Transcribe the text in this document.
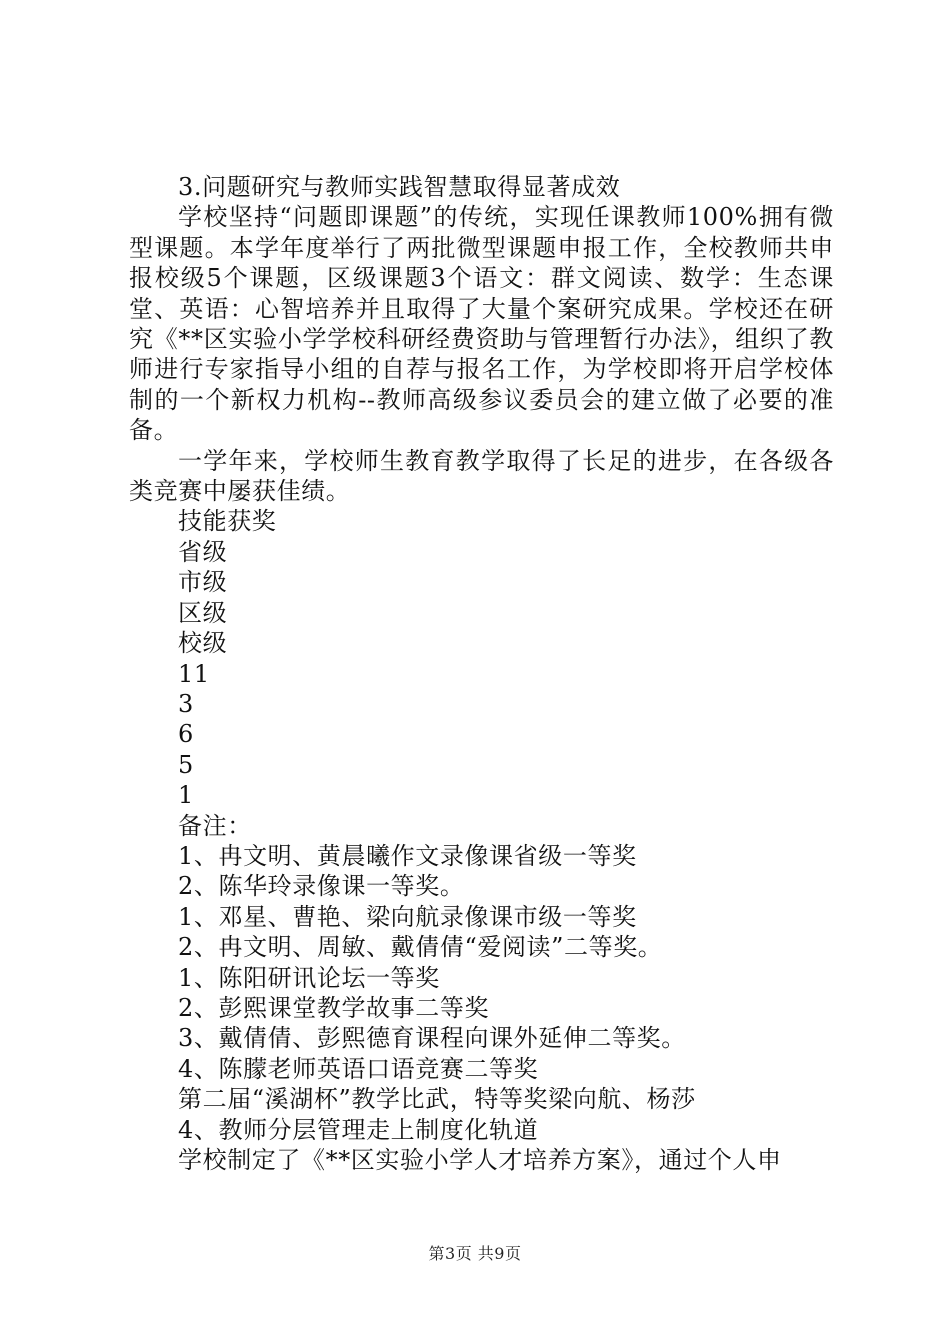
3.问题研究与教师实践智慧取得显著成效

学校坚持“问题即课题”的传统，实现任课教师100%拥有微型课题。本学年度举行了两批微型课题申报工作，全校教师共申报校级5个课题，区级课题3个语文：群文阅读、数学：生态课堂、英语：心智培养并且取得了大量个案研究成果。学校还在研究《**区实验小学学校科研经费资助与管理暂行办法》，组织了教师进行专家指导小组的自荐与报名工作，为学校即将开启学校体制的一个新权力机构--教师高级参议委员会的建立做了必要的准备。

一学年来，学校师生教育教学取得了长足的进步，在各级各类竞赛中屡获佳绩。

技能获奖

省级

市级

区级

校级

11

3

6

5

1

备注：

1、冉文明、黄晨曦作文录像课省级一等奖

2、陈华玲录像课一等奖。

1、邓星、曹艳、梁向航录像课市级一等奖

2、冉文明、周敏、戴倩倩“爱阅读”二等奖。

1、陈阳研讯论坛一等奖

2、彭熙课堂教学故事二等奖

3、戴倩倩、彭熙德育课程向课外延伸二等奖。

4、陈朦老师英语口语竞赛二等奖

第二届“溪湖杯”教学比武，特等奖梁向航、杨莎

4、教师分层管理走上制度化轨道

学校制定了《**区实验小学人才培养方案》，通过个人申

第3页 共9页
